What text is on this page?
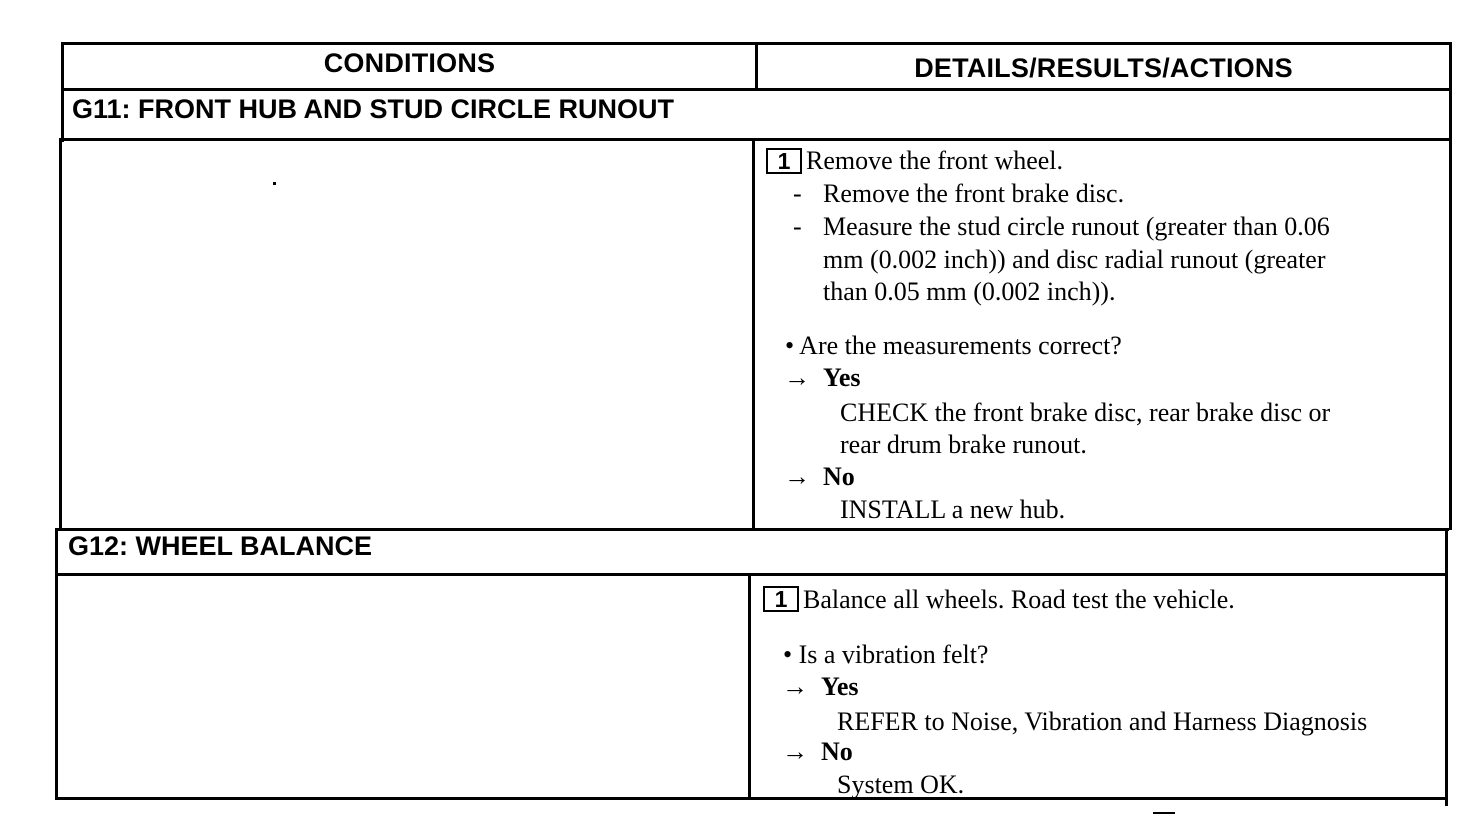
CONDITIONS	DETAILS/RESULTS/ACTIONS
G11: FRONT HUB AND STUD CIRCLE RUNOUT
1 Remove the front wheel.
- Remove the front brake disc.
- Measure the stud circle runout (greater than 0.06
mm (0.002 inch)) and disc radial runout (greater
than 0.05 mm (0.002 inch)).
• Are the measurements correct?
→ Yes
CHECK the front brake disc, rear brake disc or
rear drum brake runout.
→ No
INSTALL a new hub.
G12: WHEEL BALANCE
1 Balance all wheels. Road test the vehicle.
• Is a vibration felt?
→ Yes
REFER to Noise, Vibration and Harness Diagnosis
→ No
System OK.
